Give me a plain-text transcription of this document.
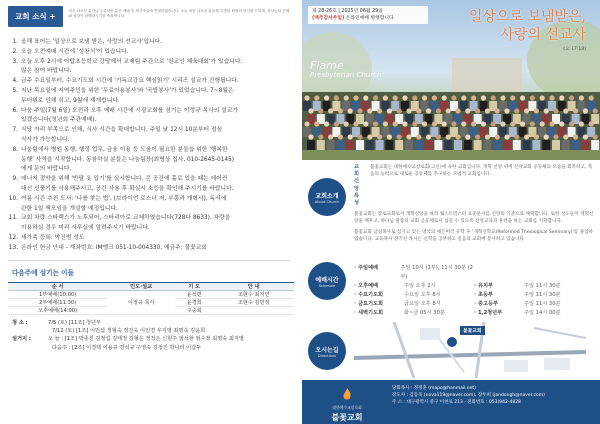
교회 소식 +
처음 나오신 분이나 등록하신 분은 예배 후 새가족실에 안내하겠습니다. 오늘 처음 나오신 분들께 특별한 환영의 인사를 드리며, 하나님의 은혜와 평강이 함께하시기를 축복합니다.
1. 올해 표어는 '일상으로 보냄 받은, 사랑의 선교사'입니다.
2. 오늘 오전예배 시간에 '성찬식'이 있습니다.
3. 오늘 오후 2시에 야탑초등학교 강당에서 교제팀 주관으로 '친교인 체육대회'가 있습니다.
많은 참여 바랍니다.
4. 금주 수요일부터, 수요기도회 시간에 '기독교강요 핵심읽기' 시리즈 설교가 진행됩니다.
5. 지난 목요일에 지역주민을 위한 '무료이용봉사'와 '국밥봉사'가 있었습니다. 7~8월은
무더위로 인해 쉬고, 9월에 재개합니다.
6. 다음 주일(7월 6일) 오전과 오후 예배 시간에 시광교회를 섬기는 이정규 목사의 설교가
있겠습니다(청년회 주관예배).
7. 식당 자리 부족으로 인해, 식사 시간을 확대합니다. 주일 낮 12시 10분부터 점심
식사가 가능합니다.
8. 나눔팀에서 병원 동행, 행정 업무, 금융 이용 등 도움이 필요한 분들을 위한 '행복한
동행' 사역을 시작합니다. 동참하실 분들은 나눔팀장(최병상 집사, 010-2645-0145)
에게 문의 바랍니다.
9. 에너지 절약을 위해 '반팔 옷 입기'를 실시합니다. 콘 공간에 홀로 있을 때는 에어컨
대신 선풍기를 사용해주시고, 공간 사용 후 확실시 소등을 확인해 주시기를 바랍니다.
10. 여름 시즌 추천 도서: '나를 찾는 법', (브라이언 로스너 저, 부흥과 개혁사), 독서에
관한 1일 책모임을 개설할 예정입니다.
11. 교회 차량 스타렉스가 노후되어, 스타리아로 교체하였습니다(728다 8633). 차량을
이용하실 경우 미리 사무실에 알려주시기 바랍니다.
12. 새가족 등록: 박진범 성도
13. 온라인 헌금 안내 - 계좌번호: iM뱅크 051-10-004330, 예금주: 불꽃교회
다음주에 섬기는 이들
순 서	인도·설교	기 도	안 내
1부예배(10:00)	이정규 목사	윤석만	조현수 최지연
2부예배(11:30)		윤경희	조현수 김민정
오후예배(14:00)		구중회	
청 소 :	7/5 (토) [11조] 청년부
7/12 (토) [1조] 이민섭 정형숙 정진욱 이인경 우지영 최명숙 김윤희
설거지 :	오 늘 : [1조] 박종진 김정섭 김태정 김형은 정정은 신현주 엄석현 엄수정 최명숙 최지영
다음주 : [2조] 이경택 이용규 김석규 구영숙 김정진 박나리 이갑두
제 28-26호 | 2025년 06월 29일
(맥추감사주일) 온라인예배 병행합니다	일상으로 보냄받은,
사랑의 선교사
(요 17:18)
Flame
Presbyterian Church
교회소개
About Church
예배시간
Schedule
오시는길
Directions
교회 신앙 특성
불꽃교회는 대한예수교장로회(고신)에 속한 교회입니다. 개혁 신앙 위에 신약교회 공동체의 모습을 회복하고, 복음의 능력으로 새로운 공동체를 추구하는 모범적 교회입니다.
불꽃교회는 장로교회로서 개혁신앙을 따라 웨스트민스터 표준문서를 신앙의 기준으로 채택합니다. 또한 성도들이 개혁신앙을 배우고, 하나님 말씀의 교회 공동체로서 섬길 수 있도록 신앙교육과 훈련을 하는 교회를 지향합니다.
불꽃교회 남성목사로 섬기고 있는 영국의 에든버러 유학 후 '개혁신학교(Reformed Theological Seminary)'를 졸업하였습니다. 교육목사 장기선 목사는 신학을 공부하고 믿음의 교회에 봉사하고 있습니다.
· 주일예배	주일 10시 (1부), 11시 30분 (2부)
· 오후예배	주일 오후 2시	· 유치부	주일 11시 30분
· 수요기도회	수요일 오후 8시	· 초등부	주일 11시 30분
· 금요기도회	금요일 오후 8시	· 중고등부	주일 11시 30분
· 새벽기도회	화~금 05시 30분	· 1,2청년부	주일 14시 00분
불꽃교회
대한예수교장로회
불꽃교회
당회목사 : 정정훈 (mapo@hanmail.net)
강도사 : 김동욱 (nova119@naver.com), 장두희 (jandongh@naver.com)
주 소 : 대구광역시 중구 이천로 213 · 전화번호 : 053)942-4828
